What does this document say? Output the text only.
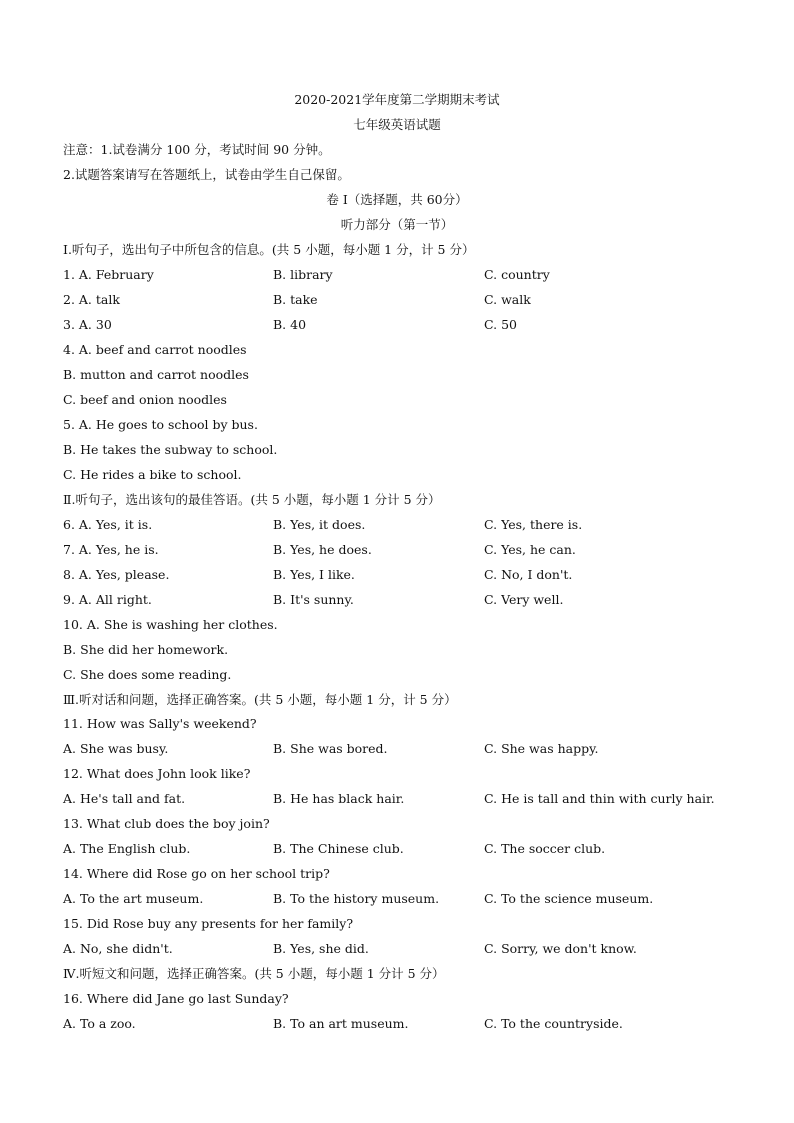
2020-2021学年度第二学期期末考试
七年级英语试题
注意：1.试卷满分 100 分，考试时间 90 分钟。
2.试题答案请写在答题纸上，试卷由学生自己保留。
卷 I（选择题，共 60分）
听力部分（第一节）
Ⅰ.听句子，选出句子中所包含的信息。(共 5 小题，每小题 1 分，计 5 分）
1. A. February	B. library	C. country
2. A. talk	B. take	C. walk
3. A. 30	B. 40	C. 50
4. A. beef and carrot noodles
B. mutton and carrot noodles
C. beef and onion noodles
5. A. He goes to school by bus.
B. He takes the subway to school.
C. He rides a bike to school.
Ⅱ.听句子，选出该句的最佳答语。(共 5 小题，每小题 1 分计 5 分）
6. A. Yes, it is.	B. Yes, it does.	C. Yes, there is.
7. A. Yes, he is.	B. Yes, he does.	C. Yes, he can.
8. A. Yes, please.	B. Yes, I like.	C. No, I don't.
9. A. All right.	B. It's sunny.	C. Very well.
10. A. She is washing her clothes.
B. She did her homework.
C. She does some reading.
Ⅲ.听对话和问题，选择正确答案。(共 5 小题，每小题 1 分，计 5 分）
11. How was Sally's weekend?
A. She was busy.	B. She was bored.	C. She was happy.
12. What does John look like?
A. He's tall and fat.	B. He has black hair.	C. He is tall and thin with curly hair.
13. What club does the boy join?
A. The English club.	B. The Chinese club.	C. The soccer club.
14. Where did Rose go on her school trip?
A. To the art museum.	B. To the history museum.	C. To the science museum.
15. Did Rose buy any presents for her family?
A. No, she didn't.	B. Yes, she did.	C. Sorry, we don't know.
Ⅳ.听短文和问题，选择正确答案。(共 5 小题，每小题 1 分计 5 分）
16. Where did Jane go last Sunday?
A. To a zoo.	B. To an art museum.	C. To the countryside.
